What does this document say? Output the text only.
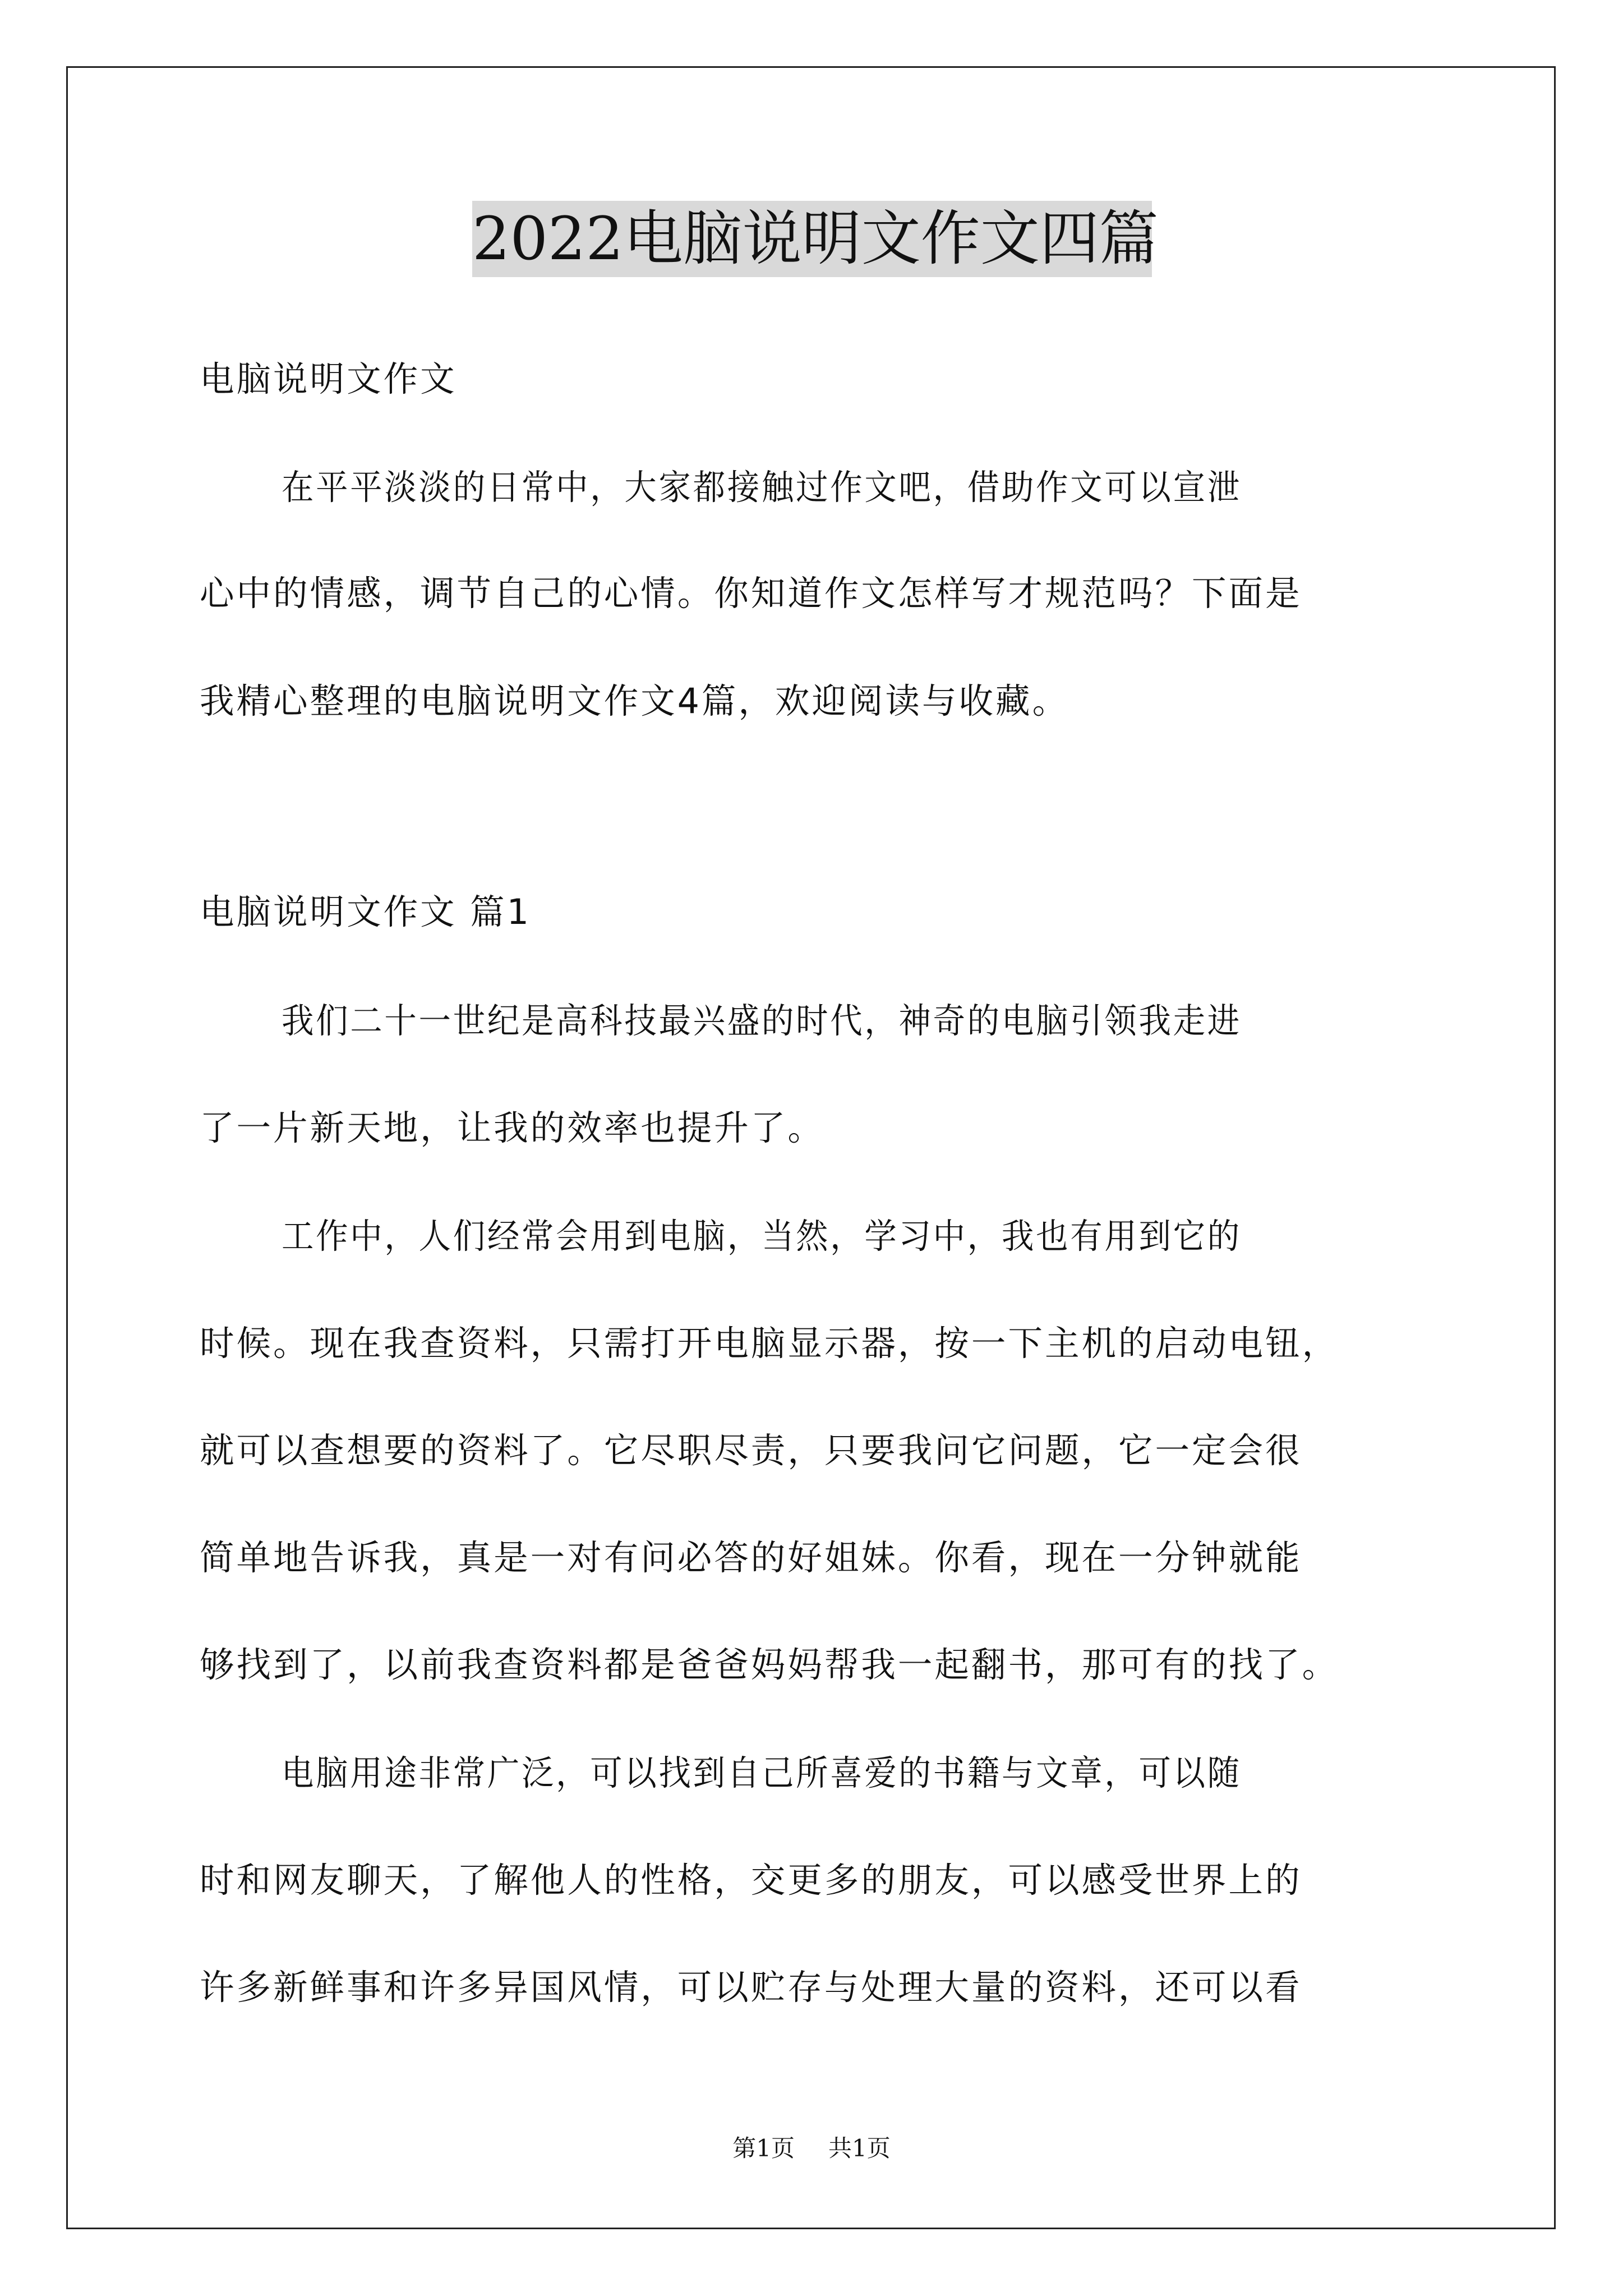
2022电脑说明文作文四篇
电脑说明文作文
在平平淡淡的日常中，大家都接触过作文吧，借助作文可以宣泄
心中的情感，调节自己的心情。你知道作文怎样写才规范吗？下面是
我精心整理的电脑说明文作文4篇，欢迎阅读与收藏。
电脑说明文作文 篇1
我们二十一世纪是高科技最兴盛的时代，神奇的电脑引领我走进
了一片新天地，让我的效率也提升了。
工作中，人们经常会用到电脑，当然，学习中，我也有用到它的
时候。现在我查资料，只需打开电脑显示器，按一下主机的启动电钮，
就可以查想要的资料了。它尽职尽责，只要我问它问题，它一定会很
简单地告诉我，真是一对有问必答的好姐妹。你看，现在一分钟就能
够找到了，以前我查资料都是爸爸妈妈帮我一起翻书，那可有的找了。
电脑用途非常广泛，可以找到自己所喜爱的书籍与文章，可以随
时和网友聊天，了解他人的性格，交更多的朋友，可以感受世界上的
许多新鲜事和许多异国风情，可以贮存与处理大量的资料，还可以看
第1页 共1页
